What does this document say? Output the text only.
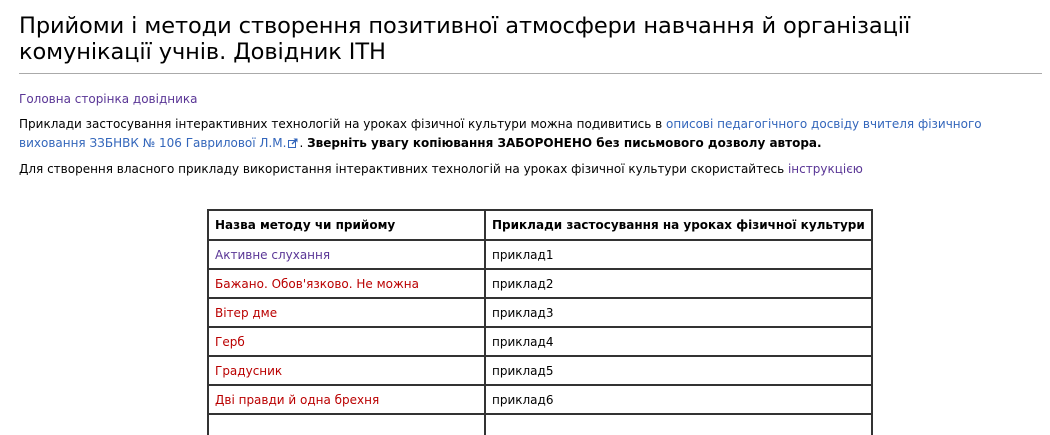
Прийоми і методи створення позитивної атмосфери навчання й організації комунікації учнів. Довідник ІТН

Головна сторінка довідника

Приклади застосування інтерактивних технологій на уроках фізичної культури можна подивитись в описові педагогічного досвіду вчителя фізичного виховання ЗЗБНВК № 106 Гаврилової Л.М. . Зверніть увагу копіювання ЗАБОРОНЕНО без письмового дозволу автора.

Для створення власного прикладу використання інтерактивних технологій на уроках фізичної культури скористайтесь інструкцією

Назва методу чи прийому	Приклади застосування на уроках фізичної культури
Активне слухання	приклад1
Бажано. Обов'язково. Не можна	приклад2
Вітер дме	приклад3
Герб	приклад4
Градусник	приклад5
Дві правди й одна брехня	приклад6
